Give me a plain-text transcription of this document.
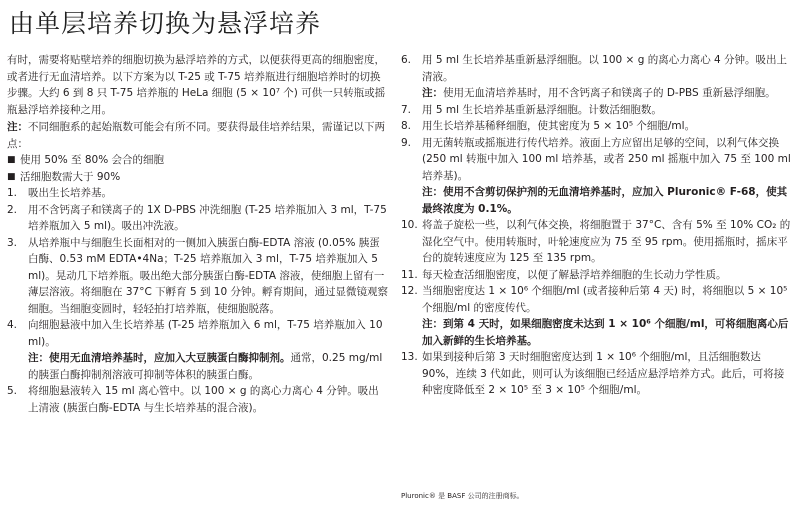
由单层培养切换为悬浮培养

有时，需要将贴壁培养的细胞切换为悬浮培养的方式，以便获得更高的细胞密度，或者进行无血清培养。以下方案为以 T-25 或 T-75 培养瓶进行细胞培养时的切换步骤。大约 6 到 8 只 T-75 培养瓶的 HeLa 细胞 (5 × 10⁷ 个) 可供一只转瓶或摇瓶悬浮培养接种之用。

注：不同细胞系的起始瓶数可能会有所不同。要获得最佳培养结果，需谨记以下两点：

■ 使用 50% 至 80% 会合的细胞
■ 活细胞数需大于 90%
1.	吸出生长培养基。
2.	用不含钙离子和镁离子的 1X D-PBS 冲洗细胞 (T-25 培养瓶加入 3 ml，T-75 培养瓶加入 5 ml)。吸出冲洗液。
3.	从培养瓶中与细胞生长面相对的一侧加入胰蛋白酶-EDTA 溶液 (0.05% 胰蛋白酶、0.53 mM EDTA•4Na；T-25 培养瓶加入 3 ml，T-75 培养瓶加入 5 ml)。晃动几下培养瓶。吸出绝大部分胰蛋白酶-EDTA 溶液，使细胞上留有一薄层溶液。将细胞在 37°C 下孵育 5 到 10 分钟。孵育期间，通过显微镜观察细胞。当细胞变圆时，轻轻拍打培养瓶，使细胞脱落。
4.	向细胞悬液中加入生长培养基 (T-25 培养瓶加入 6 ml，T-75 培养瓶加入 10 ml)。
注：使用无血清培养基时，应加入大豆胰蛋白酶抑制剂。通常，0.25 mg/ml 的胰蛋白酶抑制剂溶液可抑制等体积的胰蛋白酶。
5.	将细胞悬液转入 15 ml 离心管中。以 100 × g 的离心力离心 4 分钟。吸出上清液 (胰蛋白酶-EDTA 与生长培养基的混合液)。
6.	用 5 ml 生长培养基重新悬浮细胞。以 100 × g 的离心力离心 4 分钟。吸出上清液。
注：使用无血清培养基时，用不含钙离子和镁离子的 D-PBS 重新悬浮细胞。
7.	用 5 ml 生长培养基重新悬浮细胞。计数活细胞数。
8.	用生长培养基稀释细胞，使其密度为 5 × 10⁵ 个细胞/ml。
9.	用无菌转瓶或摇瓶进行传代培养。液面上方应留出足够的空间，以利气体交换 (250 ml 转瓶中加入 100 ml 培养基，或者 250 ml 摇瓶中加入 75 至 100 ml 培养基)。
注：使用不含剪切保护剂的无血清培养基时，应加入 Pluronic® F-68，使其最终浓度为 0.1%。
10. 将盖子旋松一些，以利气体交换，将细胞置于 37°C、含有 5% 至 10% CO₂ 的湿化空气中。使用转瓶时，叶轮速度应为 75 至 95 rpm。使用摇瓶时，摇床平台的旋转速度应为 125 至 135 rpm。
11. 每天检查活细胞密度，以便了解悬浮培养细胞的生长动力学性质。
12. 当细胞密度达 1 × 10⁶ 个细胞/ml (或者接种后第 4 天) 时，将细胞以 5 × 10⁵ 个细胞/ml 的密度传代。
注：到第 4 天时，如果细胞密度未达到 1 × 10⁶ 个细胞/ml，可将细胞离心后加入新鲜的生长培养基。
13. 如果到接种后第 3 天时细胞密度达到 1 × 10⁶ 个细胞/ml，且活细胞数达 90%，连续 3 代如此，则可认为该细胞已经适应悬浮培养方式。此后，可将接种密度降低至 2 × 10⁵ 至 3 × 10⁵ 个细胞/ml。
Pluronic® 是 BASF 公司的注册商标。
